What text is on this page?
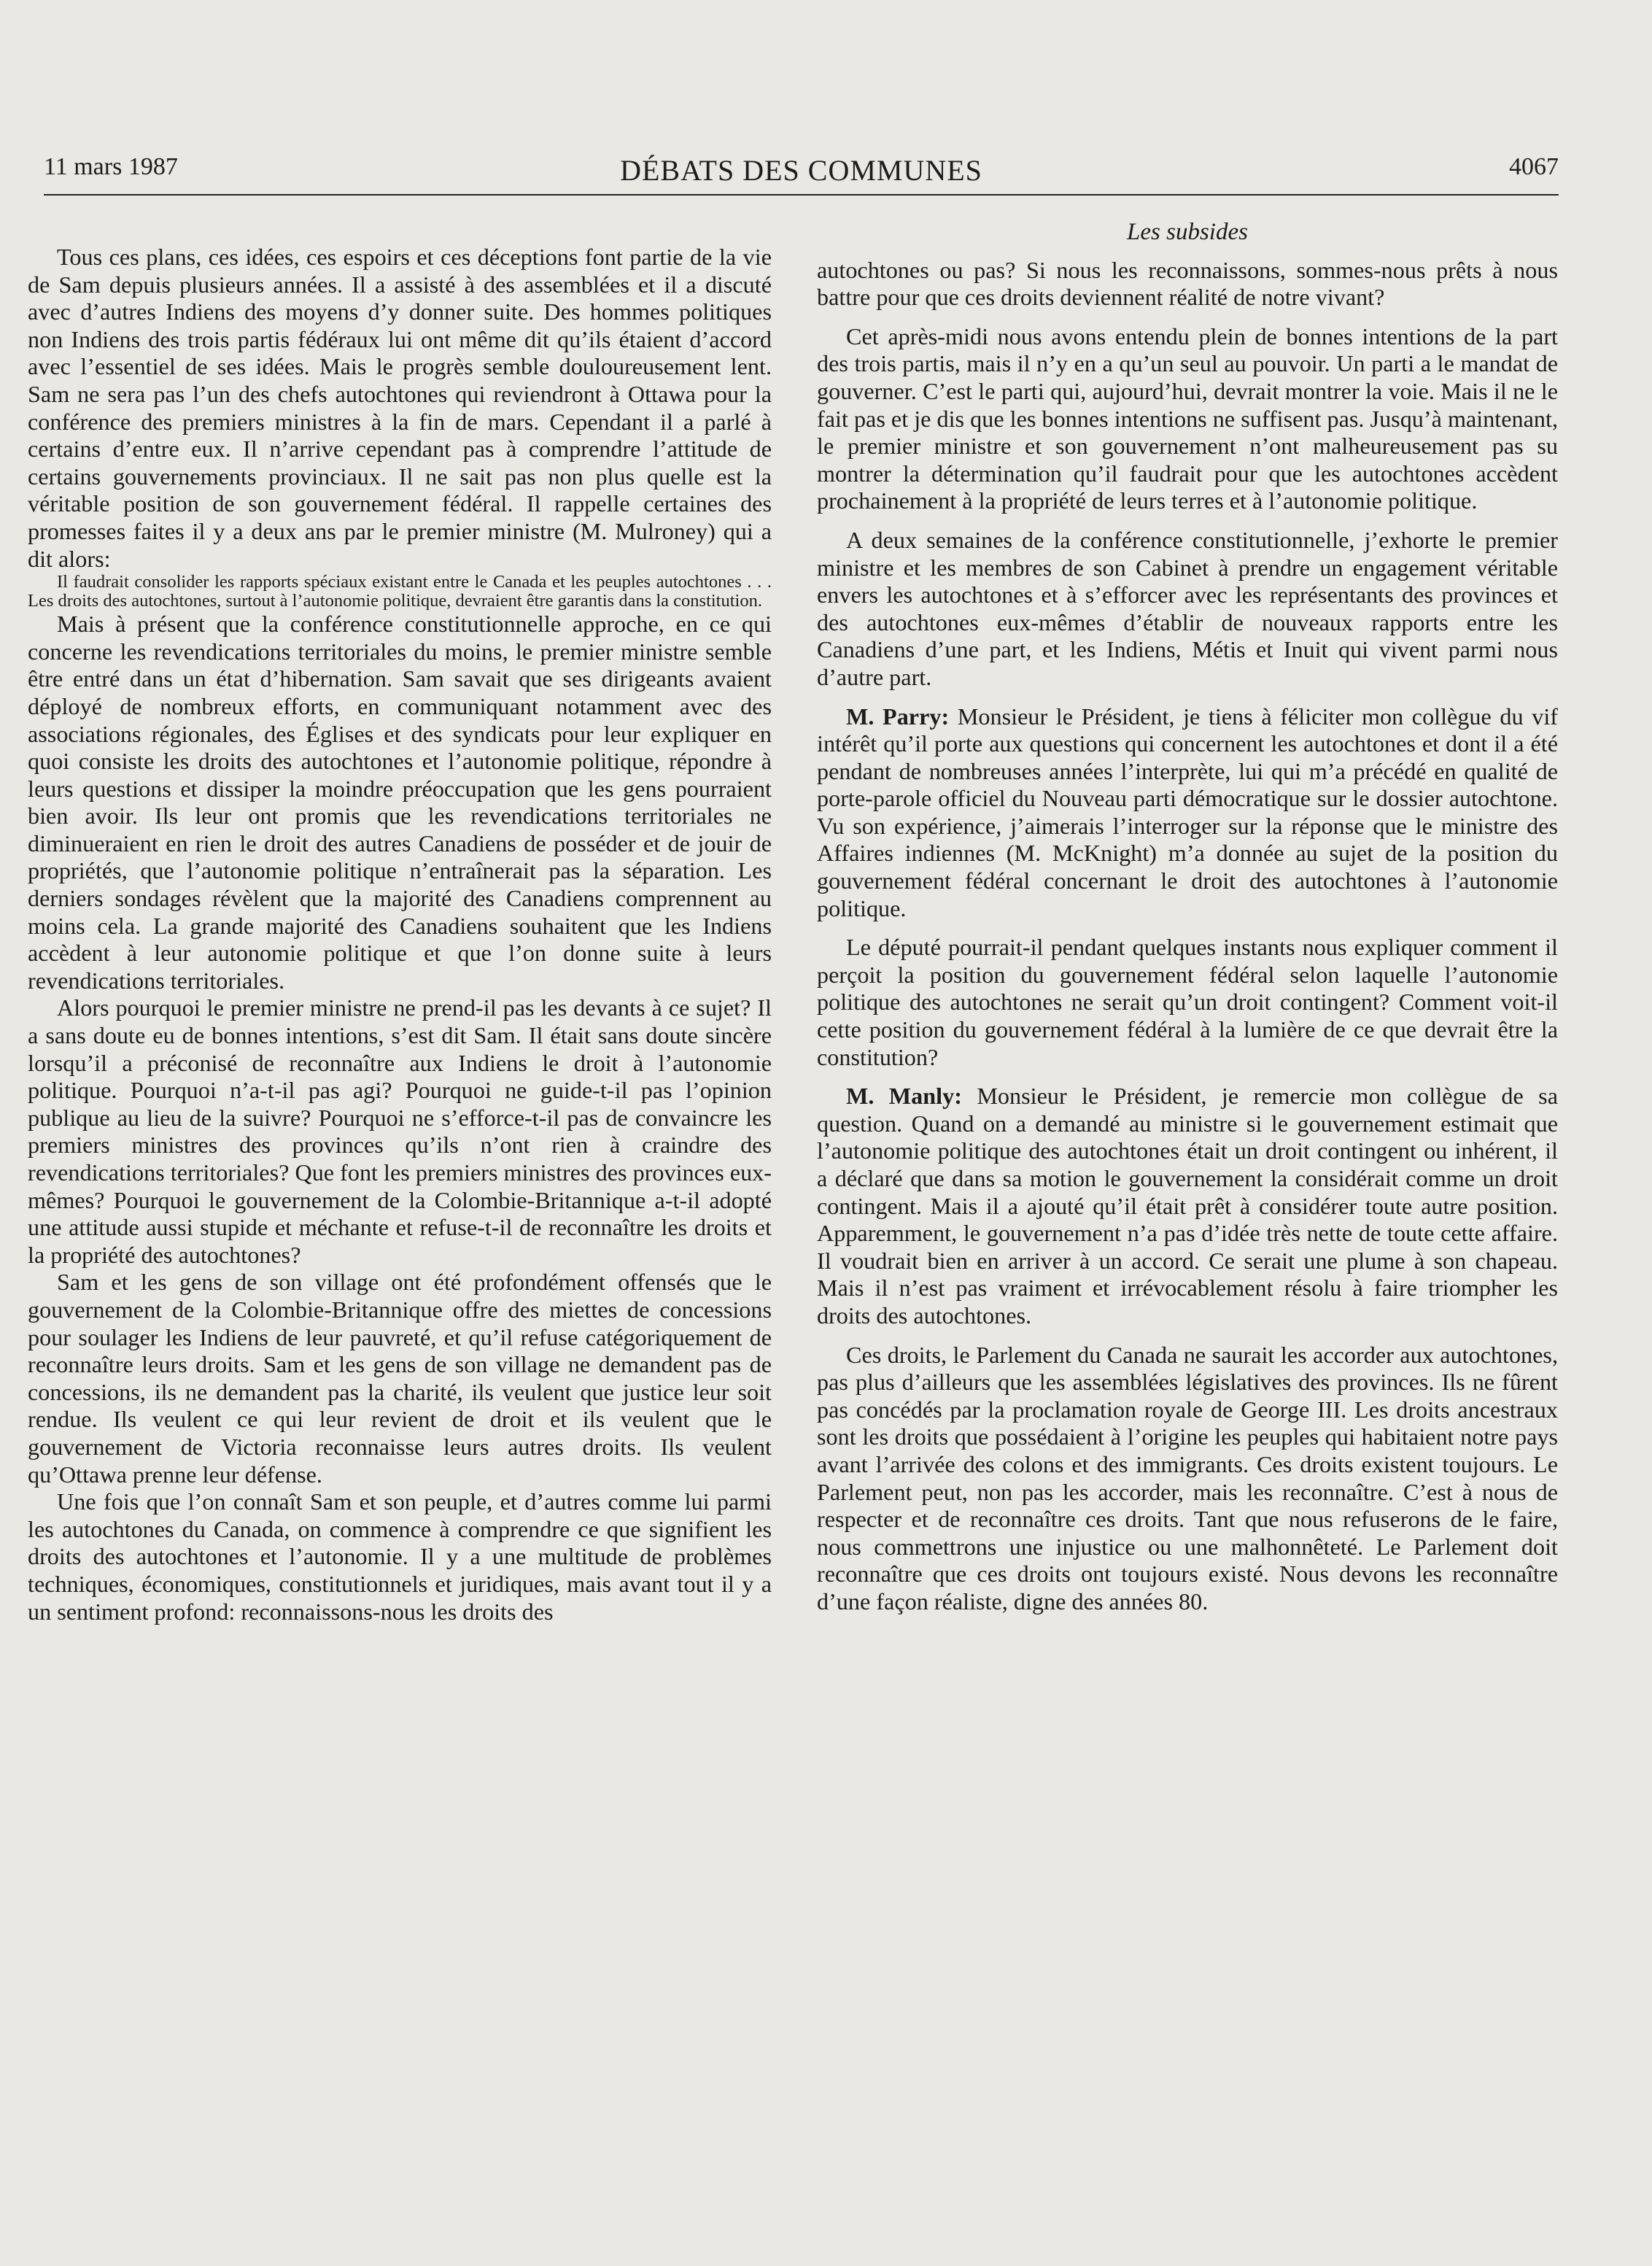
11 mars 1987	DÉBATS DES COMMUNES	4067

Tous ces plans, ces idées, ces espoirs et ces déceptions font partie de la vie de Sam depuis plusieurs années. Il a assisté à des assemblées et il a discuté avec d’autres Indiens des moyens d’y donner suite. Des hommes politiques non Indiens des trois partis fédéraux lui ont même dit qu’ils étaient d’accord avec l’essentiel de ses idées. Mais le progrès semble douloureusement lent. Sam ne sera pas l’un des chefs autochtones qui reviendront à Ottawa pour la conférence des premiers ministres à la fin de mars. Cependant il a parlé à certains d’entre eux. Il n’arrive cependant pas à comprendre l’attitude de certains gouvernements provinciaux. Il ne sait pas non plus quelle est la véritable position de son gouvernement fédéral. Il rappelle certaines des promesses faites il y a deux ans par le premier ministre (M. Mulroney) qui a dit alors:

Il faudrait consolider les rapports spéciaux existant entre le Canada et les peuples autochtones . . . Les droits des autochtones, surtout à l’autonomie politique, devraient être garantis dans la constitution.

Mais à présent que la conférence constitutionnelle approche, en ce qui concerne les revendications territoriales du moins, le premier ministre semble être entré dans un état d’hibernation. Sam savait que ses dirigeants avaient déployé de nombreux efforts, en communiquant notamment avec des associations régionales, des Églises et des syndicats pour leur expliquer en quoi consiste les droits des autochtones et l’autonomie politique, répondre à leurs questions et dissiper la moindre préoccupation que les gens pourraient bien avoir. Ils leur ont promis que les revendications territoriales ne diminueraient en rien le droit des autres Canadiens de posséder et de jouir de propriétés, que l’autonomie politique n’entraînerait pas la séparation. Les derniers sondages révèlent que la majorité des Canadiens comprennent au moins cela. La grande majorité des Canadiens souhaitent que les Indiens accèdent à leur autonomie politique et que l’on donne suite à leurs revendications territoriales.

Alors pourquoi le premier ministre ne prend-il pas les devants à ce sujet? Il a sans doute eu de bonnes intentions, s’est dit Sam. Il était sans doute sincère lorsqu’il a préconisé de reconnaître aux Indiens le droit à l’autonomie politique. Pourquoi n’a-t-il pas agi? Pourquoi ne guide-t-il pas l’opinion publique au lieu de la suivre? Pourquoi ne s’efforce-t-il pas de convaincre les premiers ministres des provinces qu’ils n’ont rien à craindre des revendications territoriales? Que font les premiers ministres des provinces eux-mêmes? Pourquoi le gouvernement de la Colombie-Britannique a-t-il adopté une attitude aussi stupide et méchante et refuse-t-il de reconnaître les droits et la propriété des autochtones?

Sam et les gens de son village ont été profondément offensés que le gouvernement de la Colombie-Britannique offre des miettes de concessions pour soulager les Indiens de leur pauvreté, et qu’il refuse catégoriquement de reconnaître leurs droits. Sam et les gens de son village ne demandent pas de concessions, ils ne demandent pas la charité, ils veulent que justice leur soit rendue. Ils veulent ce qui leur revient de droit et ils veulent que le gouvernement de Victoria reconnaisse leurs autres droits. Ils veulent qu’Ottawa prenne leur défense.

Une fois que l’on connaît Sam et son peuple, et d’autres comme lui parmi les autochtones du Canada, on commence à comprendre ce que signifient les droits des autochtones et l’autonomie. Il y a une multitude de problèmes techniques, économiques, constitutionnels et juridiques, mais avant tout il y a un sentiment profond: reconnaissons-nous les droits des

Les subsides

autochtones ou pas? Si nous les reconnaissons, sommes-nous prêts à nous battre pour que ces droits deviennent réalité de notre vivant?

Cet après-midi nous avons entendu plein de bonnes intentions de la part des trois partis, mais il n’y en a qu’un seul au pouvoir. Un parti a le mandat de gouverner. C’est le parti qui, aujourd’hui, devrait montrer la voie. Mais il ne le fait pas et je dis que les bonnes intentions ne suffisent pas. Jusqu’à maintenant, le premier ministre et son gouvernement n’ont malheureusement pas su montrer la détermination qu’il faudrait pour que les autochtones accèdent prochainement à la propriété de leurs terres et à l’autonomie politique.

A deux semaines de la conférence constitutionnelle, j’exhorte le premier ministre et les membres de son Cabinet à prendre un engagement véritable envers les autochtones et à s’efforcer avec les représentants des provinces et des autochtones eux-mêmes d’établir de nouveaux rapports entre les Canadiens d’une part, et les Indiens, Métis et Inuit qui vivent parmi nous d’autre part.

M. Parry: Monsieur le Président, je tiens à féliciter mon collègue du vif intérêt qu’il porte aux questions qui concernent les autochtones et dont il a été pendant de nombreuses années l’interprète, lui qui m’a précédé en qualité de porte-parole officiel du Nouveau parti démocratique sur le dossier autochtone. Vu son expérience, j’aimerais l’interroger sur la réponse que le ministre des Affaires indiennes (M. McKnight) m’a donnée au sujet de la position du gouvernement fédéral concernant le droit des autochtones à l’autonomie politique.

Le député pourrait-il pendant quelques instants nous expliquer comment il perçoit la position du gouvernement fédéral selon laquelle l’autonomie politique des autochtones ne serait qu’un droit contingent? Comment voit-il cette position du gouvernement fédéral à la lumière de ce que devrait être la constitution?

M. Manly: Monsieur le Président, je remercie mon collègue de sa question. Quand on a demandé au ministre si le gouvernement estimait que l’autonomie politique des autochtones était un droit contingent ou inhérent, il a déclaré que dans sa motion le gouvernement la considérait comme un droit contingent. Mais il a ajouté qu’il était prêt à considérer toute autre position. Apparemment, le gouvernement n’a pas d’idée très nette de toute cette affaire. Il voudrait bien en arriver à un accord. Ce serait une plume à son chapeau. Mais il n’est pas vraiment et irrévocablement résolu à faire triompher les droits des autochtones.

Ces droits, le Parlement du Canada ne saurait les accorder aux autochtones, pas plus d’ailleurs que les assemblées législatives des provinces. Ils ne fûrent pas concédés par la proclamation royale de George III. Les droits ancestraux sont les droits que possédaient à l’origine les peuples qui habitaient notre pays avant l’arrivée des colons et des immigrants. Ces droits existent toujours. Le Parlement peut, non pas les accorder, mais les reconnaître. C’est à nous de respecter et de reconnaître ces droits. Tant que nous refuserons de le faire, nous commettrons une injustice ou une malhonnêteté. Le Parlement doit reconnaître que ces droits ont toujours existé. Nous devons les reconnaître d’une façon réaliste, digne des années 80.
